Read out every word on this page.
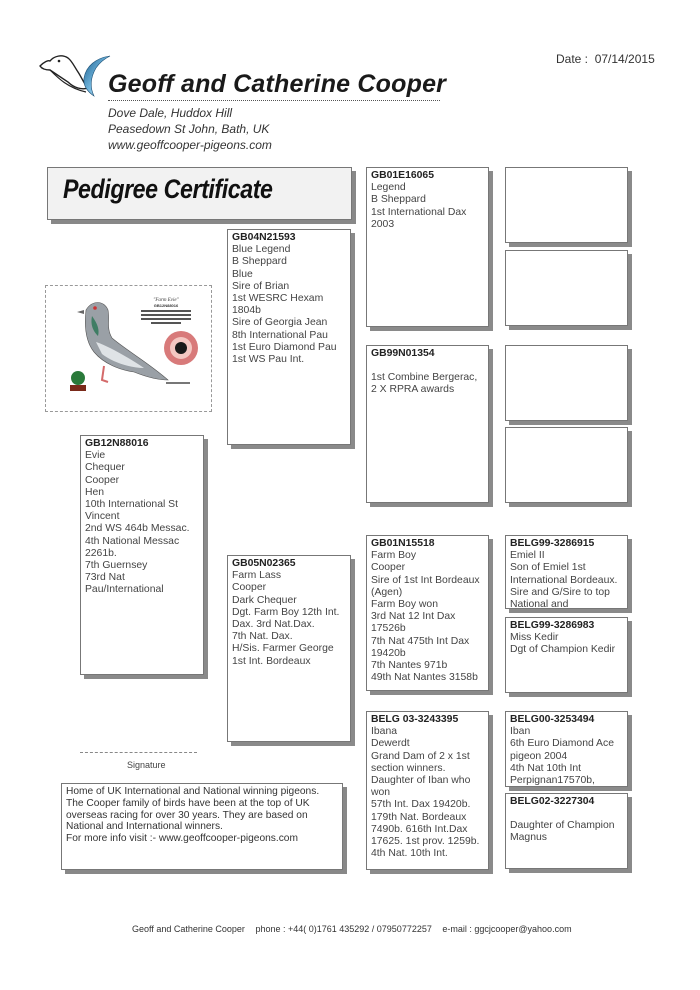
Geoff and Catherine Cooper
Dove Dale, Huddox Hill
Peasedown St John, Bath, UK
www.geoffcooper-pigeons.com
Date : 07/14/2015
Pedigree Certificate
"Farm Evie"
GB12N88016
GB12N88016
Evie
Chequer
Cooper
Hen
10th International St
Vincent
2nd WS 464b Messac.
4th National Messac
2261b.
7th Guernsey
73rd Nat
Pau/International
GB04N21593
Blue Legend
B Sheppard
Blue
Sire of Brian
1st WESRC Hexam
1804b
Sire of Georgia Jean
8th International Pau
1st Euro Diamond Pau
1st WS Pau Int.
GB05N02365
Farm Lass
Cooper
Dark Chequer
Dgt. Farm Boy 12th Int.
Dax. 3rd Nat.Dax.
7th Nat. Dax.
H/Sis. Farmer George
1st Int. Bordeaux
GB01E16065
Legend
B Sheppard
1st International Dax
2003
GB99N01354
1st Combine Bergerac,
2 X RPRA awards
GB01N15518
Farm Boy
Cooper
Sire of 1st Int Bordeaux
(Agen)
Farm Boy won
3rd Nat 12 Int Dax
17526b
7th Nat 475th Int Dax
19420b
7th Nantes 971b
49th Nat Nantes 3158b
BELG 03-3243395
Ibana
Dewerdt
Grand Dam of 2 x 1st
section winners.
Daughter of Iban who
won
57th Int. Dax 19420b.
179th Nat. Bordeaux
7490b. 616th Int.Dax
17625. 1st prov. 1259b.
4th Nat. 10th Int.
BELG99-3286915
Emiel II
Son of Emiel 1st
International Bordeaux.
Sire and G/Sire to top
National and
BELG99-3286983
Miss Kedir
Dgt of Champion Kedir
BELG00-3253494
Iban
6th Euro Diamond Ace
pigeon 2004
4th Nat 10th Int
Perpignan17570b,
BELG02-3227304
Daughter of Champion
Magnus
Signature
Home of UK International and National winning pigeons.
The Cooper family of birds have been at the top of UK
overseas racing for over 30 years. They are based on
National and International winners.
For more info visit :- www.geoffcooper-pigeons.com
Geoff and Catherine Cooper phone : +44( 0)1761 435292 / 07950772257 e-mail : ggcjcooper@yahoo.com
